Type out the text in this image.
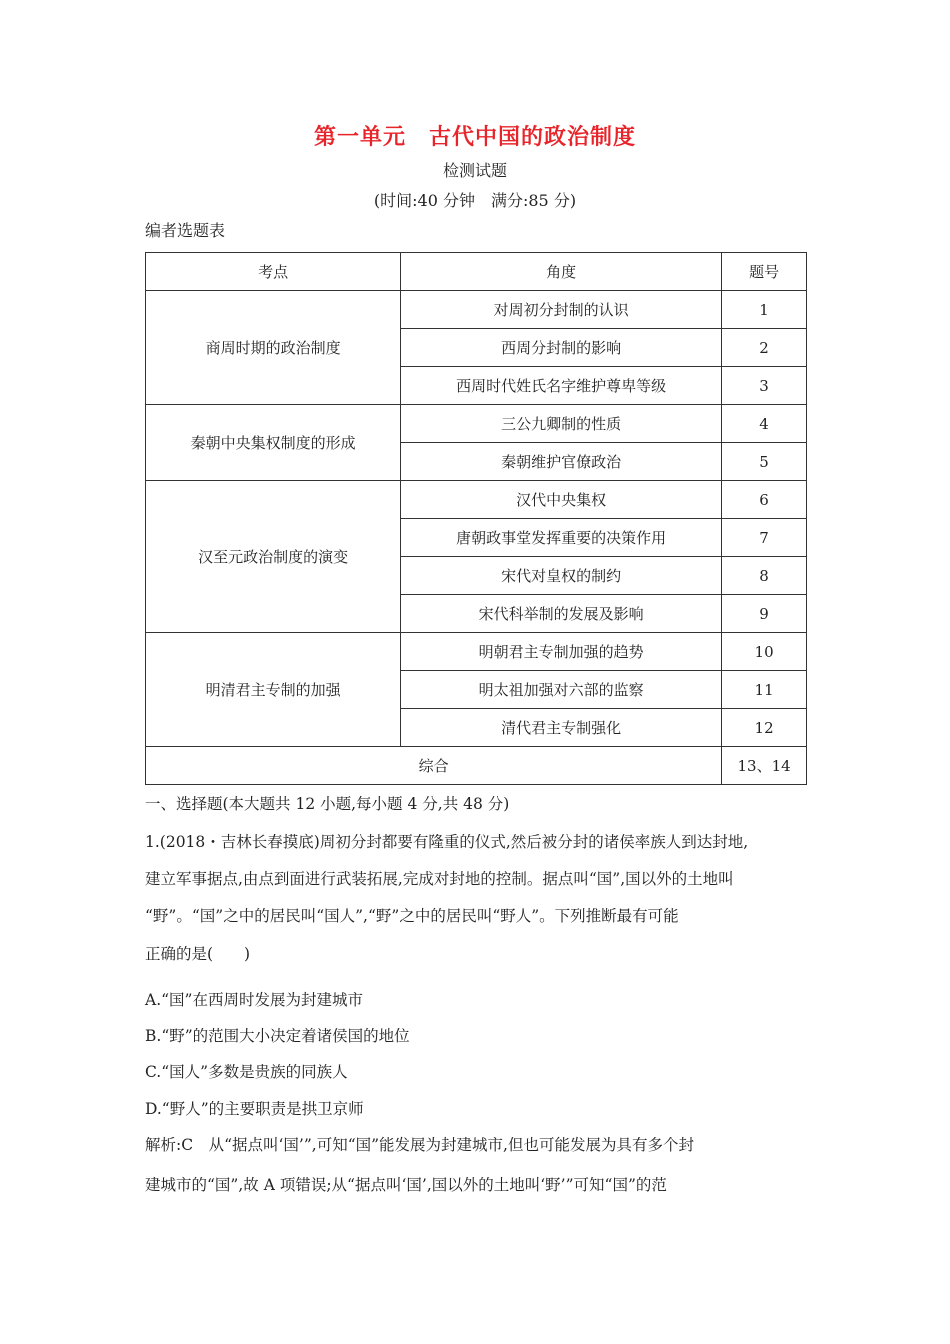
第一单元　古代中国的政治制度
检测试题
(时间:40 分钟　满分:85 分)
编者选题表
考点	角度	题号
商周时期的政治制度	对周初分封制的认识	1
	西周分封制的影响	2
	西周时代姓氏名字维护尊卑等级	3
秦朝中央集权制度的形成	三公九卿制的性质	4
	秦朝维护官僚政治	5
汉至元政治制度的演变	汉代中央集权	6
	唐朝政事堂发挥重要的决策作用	7
	宋代对皇权的制约	8
	宋代科举制的发展及影响	9
明清君主专制的加强	明朝君主专制加强的趋势	10
	明太祖加强对六部的监察	11
	清代君主专制强化	12
综合		13、14
一、选择题(本大题共 12 小题,每小题 4 分,共 48 分)
1.(2018・吉林长春摸底)周初分封都要有隆重的仪式,然后被分封的诸侯率族人到达封地,
建立军事据点,由点到面进行武装拓展,完成对封地的控制。据点叫“国”,国以外的土地叫
“野”。“国”之中的居民叫“国人”,“野”之中的居民叫“野人”。下列推断最有可能
正确的是(　　)
A.“国”在西周时发展为封建城市
B.“野”的范围大小决定着诸侯国的地位
C.“国人”多数是贵族的同族人
D.“野人”的主要职责是拱卫京师
解析:C　从“据点叫‘国’”,可知“国”能发展为封建城市,但也可能发展为具有多个封
建城市的“国”,故 A 项错误;从“据点叫‘国’,国以外的土地叫‘野’”可知“国”的范
